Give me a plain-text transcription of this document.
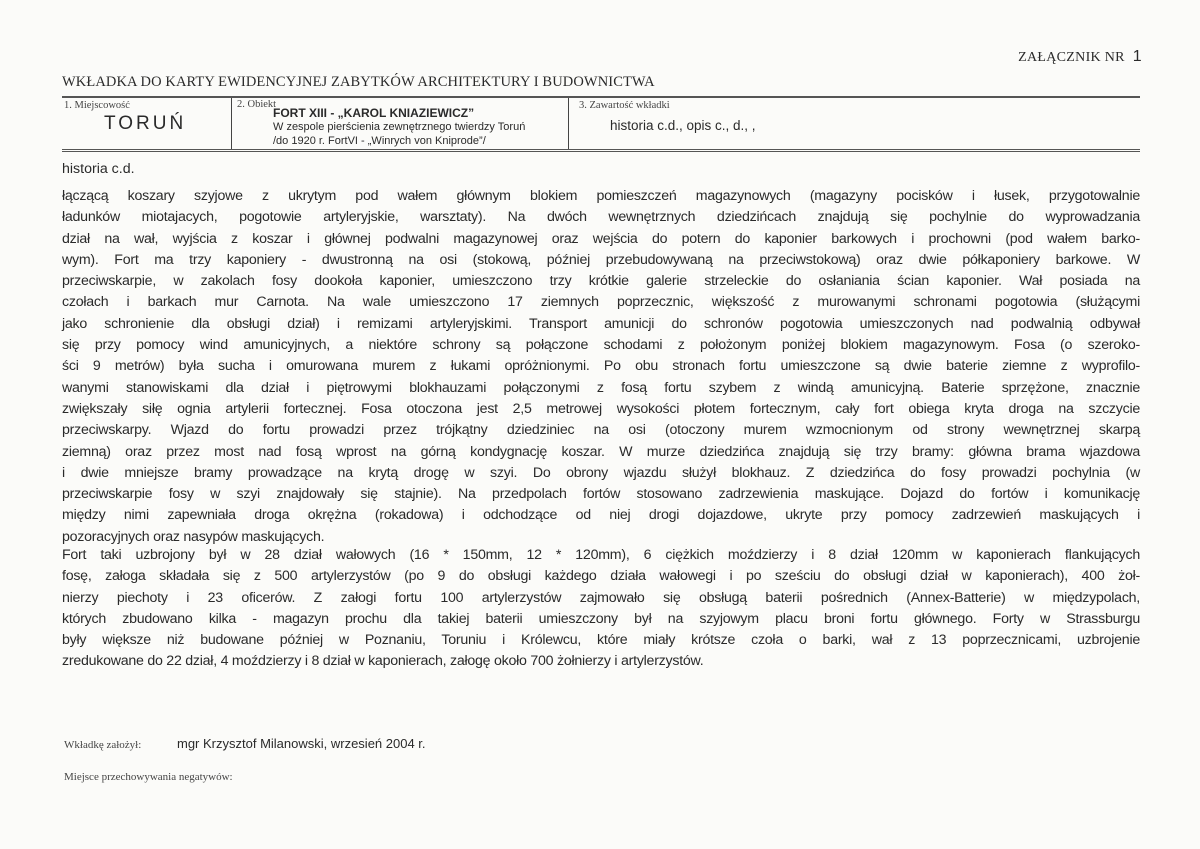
ZAŁĄCZNIK NR 1
WKŁADKA DO KARTY EWIDENCYJNEJ ZABYTKÓW ARCHITEKTURY I BUDOWNICTWA
1. Miejscowość
TORUŃ
2. Obiekt
FORT XIII - „KAROL KNIAZIEWICZ”
W zespole pierścienia zewnętrznego twierdzy Toruń
/do 1920 r. FortVI - „Winrych von Kniprode”/
3. Zawartość wkładki
historia c.d., opis c., d., ,
historia c.d.
łączącą koszary szyjowe z ukrytym pod wałem głównym blokiem pomieszczeń magazynowych (magazyny pocisków i łusek, przygotowalnie
ładunków miotajacych, pogotowie artyleryjskie, warsztaty). Na dwóch wewnętrznych dziedzińcach znajdują się pochylnie do wyprowadzania
dział na wał, wyjścia z koszar i głównej podwalni magazynowej oraz wejścia do potern do kaponier barkowych i prochowni (pod wałem barko-
wym). Fort ma trzy kaponiery - dwustronną na osi (stokową, później przebudowywaną na przeciwstokową) oraz dwie półkaponiery barkowe. W
przeciwskarpie, w zakolach fosy dookoła kaponier, umieszczono trzy krótkie galerie strzeleckie do osłaniania ścian kaponier. Wał posiada na
czołach i barkach mur Carnota. Na wale umieszczono 17 ziemnych poprzecznic, większość z murowanymi schronami pogotowia (służącymi
jako schronienie dla obsługi dział) i remizami artyleryjskimi. Transport amunicji do schronów pogotowia umieszczonych nad podwalnią odbywał
się przy pomocy wind amunicyjnych, a niektóre schrony są połączone schodami z położonym poniżej blokiem magazynowym. Fosa (o szeroko-
ści 9 metrów) była sucha i omurowana murem z łukami opróżnionymi. Po obu stronach fortu umieszczone są dwie baterie ziemne z wyprofilo-
wanymi stanowiskami dla dział i piętrowymi blokhauzami połączonymi z fosą fortu szybem z windą amunicyjną. Baterie sprzężone, znacznie
zwiększały siłę ognia artylerii fortecznej. Fosa otoczona jest 2,5 metrowej wysokości płotem fortecznym, cały fort obiega kryta droga na szczycie
przeciwskarpy. Wjazd do fortu prowadzi przez trójkątny dziedziniec na osi (otoczony murem wzmocnionym od strony wewnętrznej skarpą
ziemną) oraz przez most nad fosą wprost na górną kondygnację koszar. W murze dziedzińca znajdują się trzy bramy: główna brama wjazdowa
i dwie mniejsze bramy prowadzące na krytą drogę w szyi. Do obrony wjazdu służył blokhauz. Z dziedzińca do fosy prowadzi pochylnia (w
przeciwskarpie fosy w szyi znajdowały się stajnie). Na przedpolach fortów stosowano zadrzewienia maskujące. Dojazd do fortów i komunikację
między nimi zapewniała droga okrężna (rokadowa) i odchodzące od niej drogi dojazdowe, ukryte przy pomocy zadrzewień maskujących i
pozoracyjnych oraz nasypów maskujących.
Fort taki uzbrojony był w 28 dział wałowych (16 * 150mm, 12 * 120mm), 6 ciężkich moździerzy i 8 dział 120mm w kaponierach flankujących
fosę, załoga składała się z 500 artylerzystów (po 9 do obsługi każdego działa wałowegi i po sześciu do obsługi dział w kaponierach), 400 żoł-
nierzy piechoty i 23 oficerów. Z załogi fortu 100 artylerzystów zajmowało się obsługą baterii pośrednich (Annex-Batterie) w międzypolach,
których zbudowano kilka - magazyn prochu dla takiej baterii umieszczony był na szyjowym placu broni fortu głównego. Forty w Strassburgu
były większe niż budowane później w Poznaniu, Toruniu i Królewcu, które miały krótsze czoła o barki, wał z 13 poprzecznicami, uzbrojenie
zredukowane do 22 dział, 4 moździerzy i 8 dział w kaponierach, załogę około 700 żołnierzy i artylerzystów.
Wkładkę założył:	mgr Krzysztof Milanowski, wrzesień 2004 r.
Miejsce przechowywania negatywów:
